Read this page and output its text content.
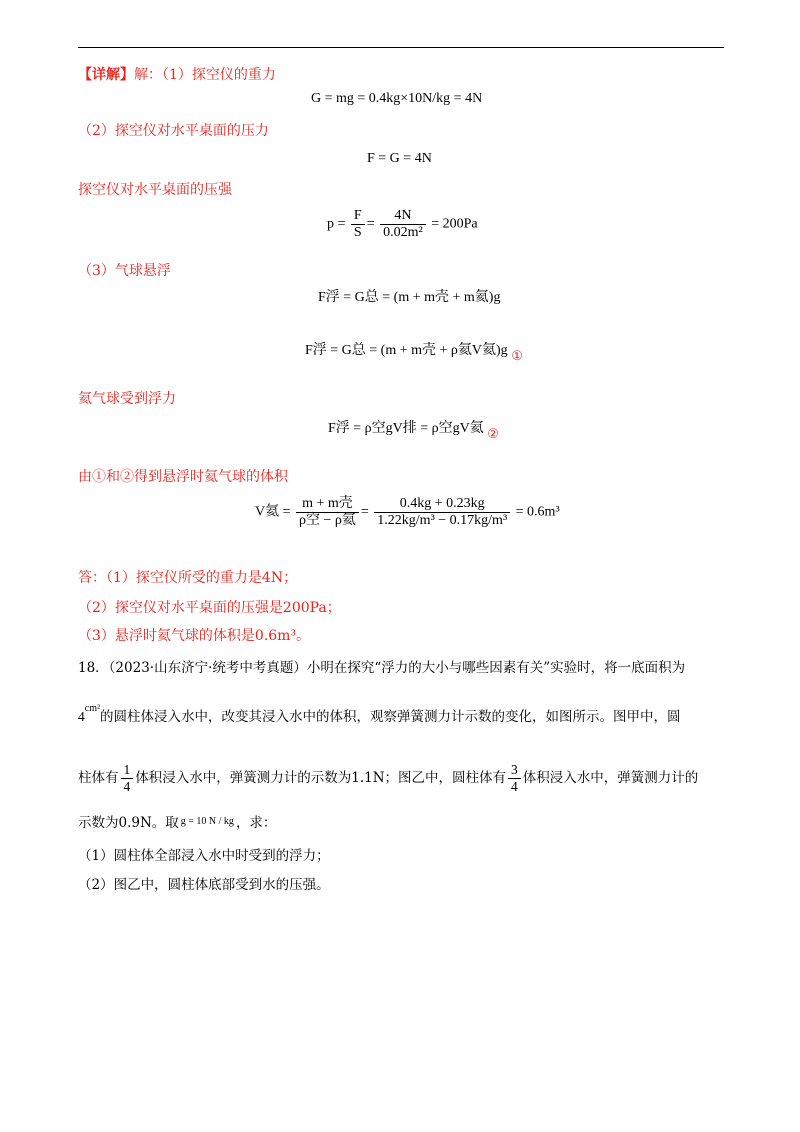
【详解】解：（1）探空仪的重力
G = mg = 0.4kg×10N/kg = 4N
（2）探空仪对水平桌面的压力
F = G = 4N
探空仪对水平桌面的压强
$p = \frac{F}{S} = \frac{4N}{\text{0.02m²}} = 200Pa$
（3）气球悬浮
F浮 = G总 = (m + m壳 + m氦)g
F浮 = G总 = (m + m壳 + ρ氦V氦)g ①
氦气球受到浮力
F浮 = ρ空gV排 = ρ空gV氦 ②
由①和②得到悬浮时氦气球的体积
V氦 = $\frac{\text{m + m壳}}{\text{ρ空 − ρ氦}} = \frac{0.4kg + 0.23kg}{\text{1.22kg/m³ − 0.17kg/m³}} = 0.6m^3$
答：（1）探空仪所受的重力是4N；
（2）探空仪对水平桌面的压强是200Pa；
（3）悬浮时氦气球的体积是0.6m³。
18．（2023·山东济宁·统考中考真题）小明在探究“浮力的大小与哪些因素有关”实验时，将一底面积为
$4^{cm^2}$的圆柱体浸入水中，改变其浸入水中的体积，观察弹簧测力计示数的变化，如图所示。图甲中，圆
柱体有 $\frac{1}{4}$ 体积浸入水中，弹簧测力计的示数为1.1N；图乙中，圆柱体有 $\frac{3}{4}$ 体积浸入水中，弹簧测力计的
示数为0.9N。取 $^{g = 10 N / kg}$ ，求：
（1）圆柱体全部浸入水中时受到的浮力；
（2）图乙中，圆柱体底部受到水的压强。
